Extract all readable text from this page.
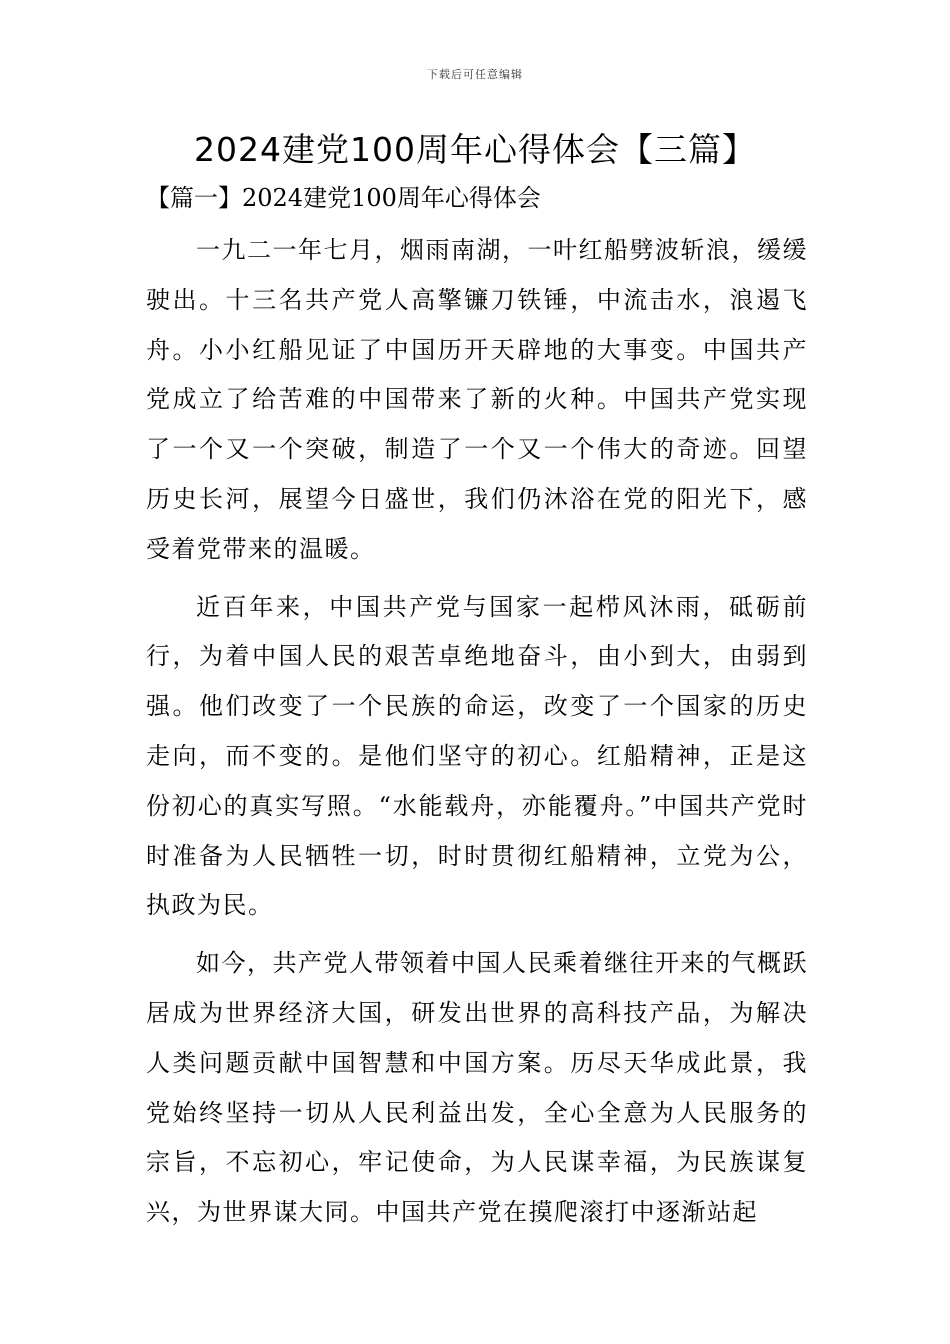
下载后可任意编辑
2024建党100周年心得体会【三篇】
【篇一】2024建党100周年心得体会

一九二一年七月，烟雨南湖，一叶红船劈波斩浪，缓缓驶出。十三名共产党人高擎镰刀铁锤，中流击水，浪遏飞舟。小小红船见证了中国历开天辟地的大事变。中国共产党成立了给苦难的中国带来了新的火种。中国共产党实现了一个又一个突破，制造了一个又一个伟大的奇迹。回望历史长河，展望今日盛世，我们仍沐浴在党的阳光下，感受着党带来的温暖。

近百年来，中国共产党与国家一起栉风沐雨，砥砺前行，为着中国人民的艰苦卓绝地奋斗，由小到大，由弱到强。他们改变了一个民族的命运，改变了一个国家的历史走向，而不变的。是他们坚守的初心。红船精神，正是这份初心的真实写照。“水能载舟，亦能覆舟。”中国共产党时时准备为人民牺牲一切，时时贯彻红船精神，立党为公，执政为民。

如今，共产党人带领着中国人民乘着继往开来的气概跃居成为世界经济大国，研发出世界的高科技产品，为解决人类问题贡献中国智慧和中国方案。历尽天华成此景，我党始终坚持一切从人民利益出发，全心全意为人民服务的宗旨，不忘初心，牢记使命，为人民谋幸福，为民族谋复兴，为世界谋大同。中国共产党在摸爬滚打中逐渐站起
